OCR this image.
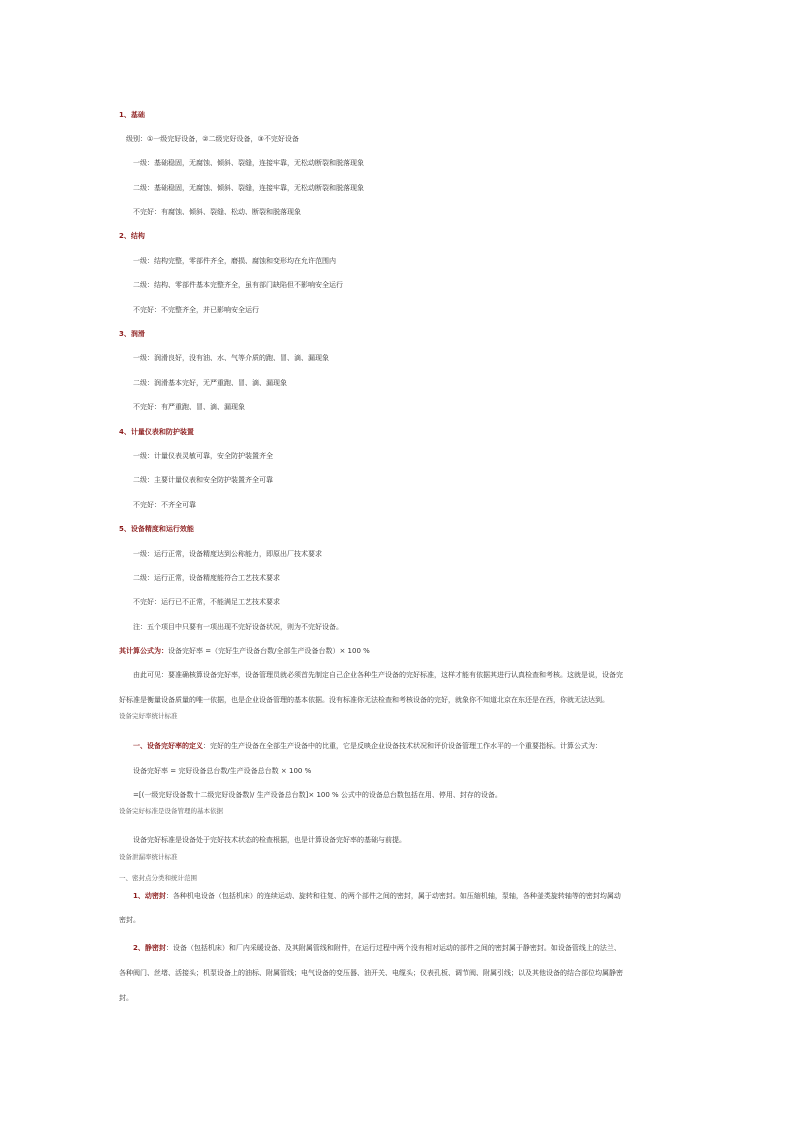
1、基础
级别：①一级完好设备，②二级完好设备，③不完好设备
一级：基础稳固，无腐蚀、倾斜、裂缝，连接牢靠，无松动断裂和脱落现象
二级：基础稳固，无腐蚀、倾斜、裂缝，连接牢靠，无松动断裂和脱落现象
不完好：有腐蚀、倾斜、裂缝、松动、断裂和脱落现象
2、结构
一级：结构完整，零部件齐全，磨损、腐蚀和变形均在允许范围内
二级：结构、零部件基本完整齐全，虽有部门缺陷但不影响安全运行
不完好：不完整齐全，并已影响安全运行
3、润滑
一级：润滑良好，没有油、水、气等介质的跑、冒、滴、漏现象
二级：润滑基本完好，无严重跑、冒、滴、漏现象
不完好：有严重跑、冒、滴、漏现象
4、计量仪表和防护装置
一级：计量仪表灵敏可靠，安全防护装置齐全
二级：主要计量仪表和安全防护装置齐全可靠
不完好：不齐全可靠
5、设备精度和运行效能
一级：运行正常，设备精度达到公称能力，即原出厂技术要求
二级：运行正常，设备精度能符合工艺技术要求
不完好：运行已不正常，不能满足工艺技术要求
注：五个项目中只要有一项出现不完好设备状况，则为不完好设备。
其计算公式为：设备完好率 =（完好生产设备台数/全部生产设备台数）× 100 %
由此可见：要准确核算设备完好率，设备管理员就必须首先制定自己企业各种生产设备的完好标准，这样才能有依据其进行认真检查和考核。这就是说，设备完
好标准是衡量设备质量的唯一依据，也是企业设备管理的基本依据。没有标准你无法检查和考核设备的完好，就象你不知道北京在东还是在西，你就无法达到。
设备完好率统计标准
一、设备完好率的定义：完好的生产设备在全部生产设备中的比重，它是反映企业设备技术状况和评价设备管理工作水平的一个重要指标。计算公式为：
设备完好率 = 完好设备总台数/生产设备总台数 × 100 %
=[(一级完好设备数十二级完好设备数)/ 生产设备总台数]× 100 % 公式中的设备总台数包括在用、停用、封存的设备。
设备完好标准是设备管理的基本依据
设备完好标准是设备处于完好技术状态的检查根据，也是计算设备完好率的基础与前提。
设备泄漏率统计标准
一、密封点分类和统计范围
1、动密封：各种机电设备（包括机床）的连续运动、旋转和往复、的两个部件之间的密封，属于动密封。如压缩机轴，泵轴，各种釜类旋转轴等的密封均属动
密封。
2、静密封：设备（包括机床）和厂内采暖设备、及其附属管线和附件，在运行过程中两个没有相对运动的部件之间的密封属于静密封。如设备管线上的法兰、
各种阀门、丝堵、活接头；机泵设备上的油标、附属管线；电气设备的变压器、油开关、电缆头；仪表孔板、调节阀、附属引线；以及其他设备的结合部位均属静密
封。
